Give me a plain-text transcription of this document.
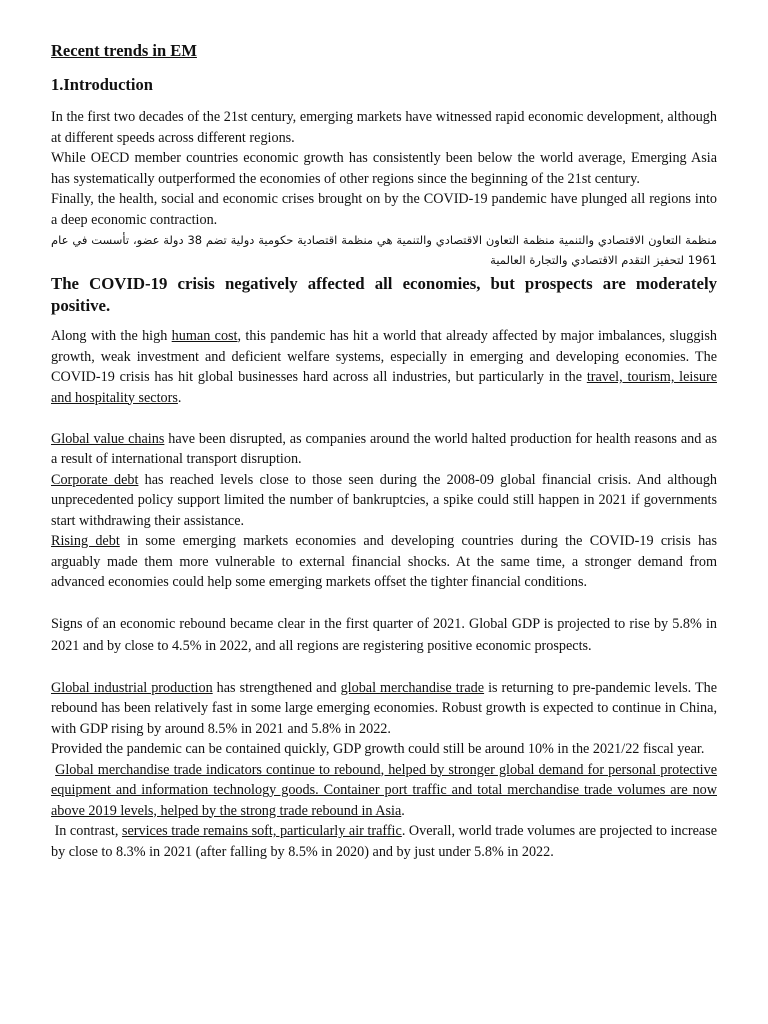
Recent trends in EM
1.Introduction

In the first two decades of the 21st century, emerging markets have witnessed rapid economic development, although at different speeds across different regions.

While OECD member countries economic growth has consistently been below the world average, Emerging Asia has systematically outperformed the economies of other regions since the beginning of the 21st century.

Finally, the health, social and economic crises brought on by the COVID-19 pandemic have plunged all regions into a deep economic contraction.

منظمة التعاون الاقتصادي والتنمية منظمة التعاون الاقتصادي والتنمية هي منظمة اقتصادية حكومية دولية تضم 38 دولة عضو، تأسست في عام 1961 لتحفيز التقدم الاقتصادي والتجارة العالمية

The COVID-19 crisis negatively affected all economies, but prospects are moderately positive.

Along with the high human cost, this pandemic has hit a world that already affected by major imbalances, sluggish growth, weak investment and deficient welfare systems, especially in emerging and developing economies. The COVID-19 crisis has hit global businesses hard across all industries, but particularly in the travel, tourism, leisure and hospitality sectors.

Global value chains have been disrupted, as companies around the world halted production for health reasons and as a result of international transport disruption.

Corporate debt has reached levels close to those seen during the 2008-09 global financial crisis. And although unprecedented policy support limited the number of bankruptcies, a spike could still happen in 2021 if governments start withdrawing their assistance.

Rising debt in some emerging markets economies and developing countries during the COVID-19 crisis has arguably made them more vulnerable to external financial shocks. At the same time, a stronger demand from advanced economies could help some emerging markets offset the tighter financial conditions.

Signs of an economic rebound became clear in the first quarter of 2021. Global GDP is projected to rise by 5.8% in 2021 and by close to 4.5% in 2022, and all regions are registering positive economic prospects.

Global industrial production has strengthened and global merchandise trade is returning to pre-pandemic levels. The rebound has been relatively fast in some large emerging economies. Robust growth is expected to continue in China, with GDP rising by around 8.5% in 2021 and 5.8% in 2022.

Provided the pandemic can be contained quickly, GDP growth could still be around 10% in the 2021/22 fiscal year.

Global merchandise trade indicators continue to rebound, helped by stronger global demand for personal protective equipment and information technology goods. Container port traffic and total merchandise trade volumes are now above 2019 levels, helped by the strong trade rebound in Asia.

In contrast, services trade remains soft, particularly air traffic. Overall, world trade volumes are projected to increase by close to 8.3% in 2021 (after falling by 8.5% in 2020) and by just under 5.8% in 2022.
